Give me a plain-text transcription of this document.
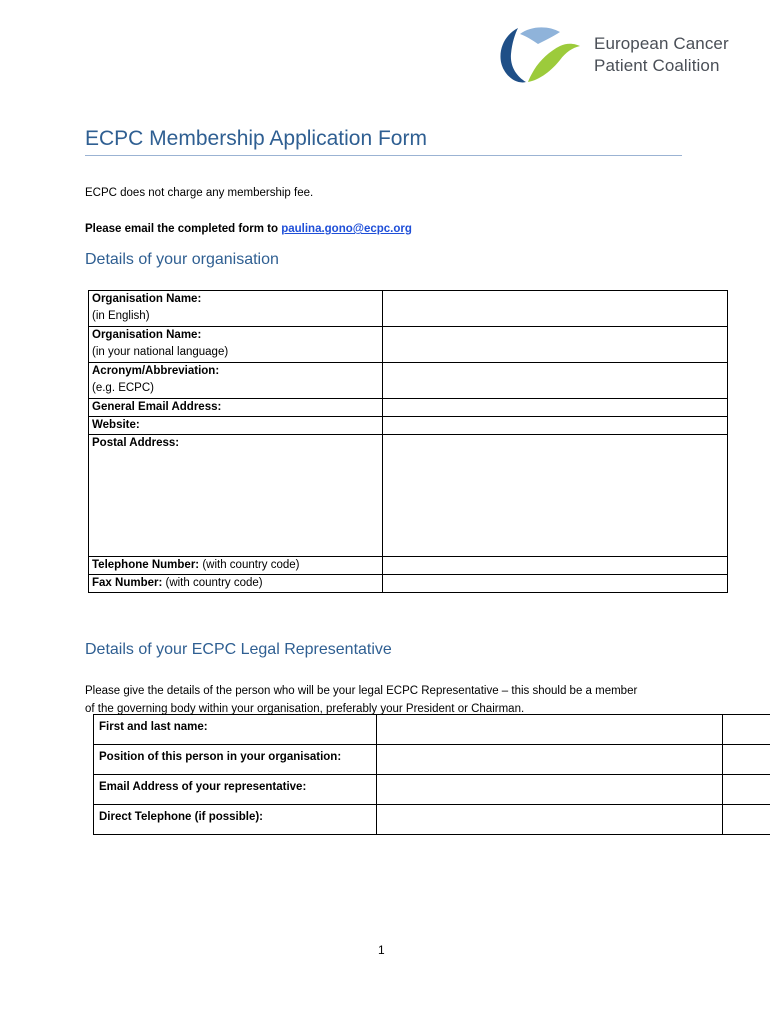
European Cancer
Patient Coalition
ECPC Membership Application Form
ECPC does not charge any membership fee.
Please email the completed form to paulina.gono@ecpc.org
Details of your organisation
Organisation Name:
(in English)	
Organisation Name:
(in your national language)	
Acronym/Abbreviation:
(e.g. ECPC)	
General Email Address:	
Website:	
Postal Address:	
Telephone Number: (with country code)	
Fax Number: (with country code)	
Details of your ECPC Legal Representative
Please give the details of the person who will be your legal ECPC Representative – this should be a member
of the governing body within your organisation, preferably your President or Chairman.
First and last name:		
Position of this person in your organisation:		
Email Address of your representative:		
Direct Telephone (if possible):		
1
